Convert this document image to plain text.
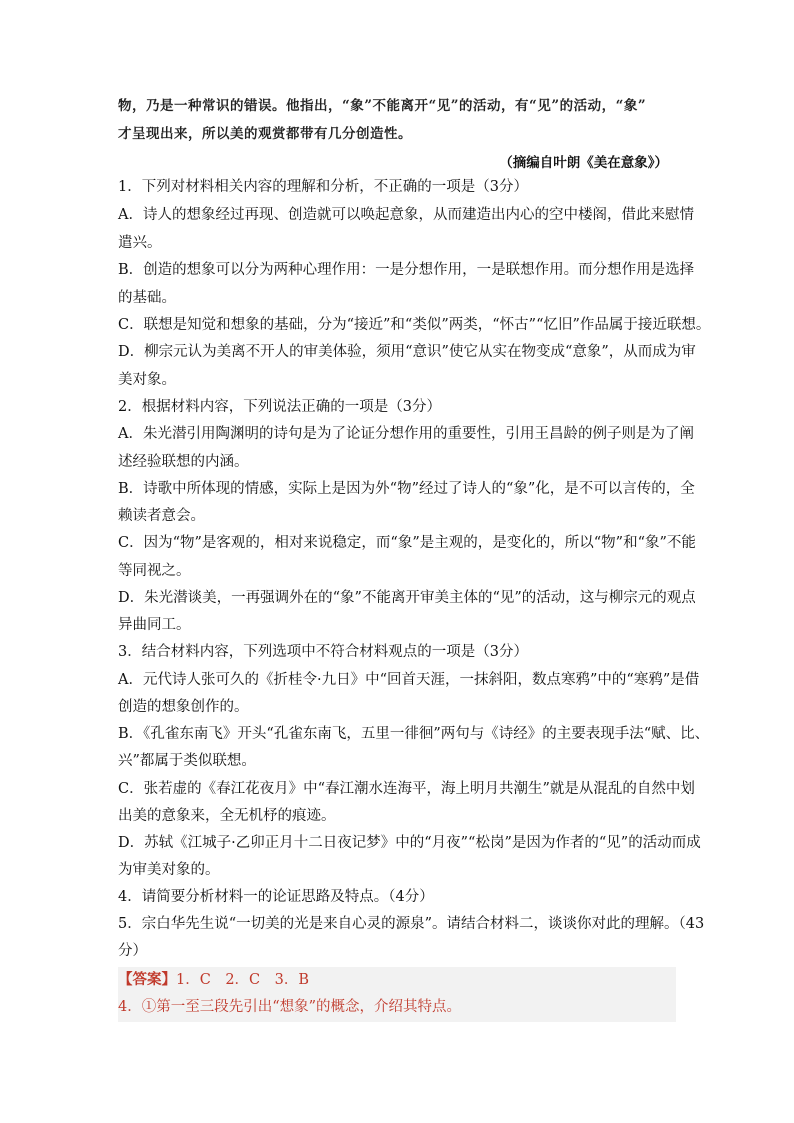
物，乃是一种常识的错误。他指出，“象”不能离开“见”的活动，有“见”的活动，“象”
才呈现出来，所以美的观赏都带有几分创造性。
（摘编自叶朗《美在意象》）
1．下列对材料相关内容的理解和分析，不正确的一项是（3分）
A．诗人的想象经过再现、创造就可以唤起意象，从而建造出内心的空中楼阁，借此来慰情
遣兴。
B．创造的想象可以分为两种心理作用：一是分想作用，一是联想作用。而分想作用是选择
的基础。
C．联想是知觉和想象的基础，分为“接近”和“类似”两类，“怀古”“忆旧”作品属于接近联想。
D．柳宗元认为美离不开人的审美体验，须用“意识”使它从实在物变成“意象”，从而成为审
美对象。
2．根据材料内容，下列说法正确的一项是（3分）
A．朱光潜引用陶渊明的诗句是为了论证分想作用的重要性，引用王昌龄的例子则是为了阐
述经验联想的内涵。
B．诗歌中所体现的情感，实际上是因为外“物”经过了诗人的“象”化，是不可以言传的，全
赖读者意会。
C．因为“物”是客观的，相对来说稳定，而“象”是主观的，是变化的，所以“物”和“象”不能
等同视之。
D．朱光潜谈美，一再强调外在的“象”不能离开审美主体的“见”的活动，这与柳宗元的观点
异曲同工。
3．结合材料内容，下列选项中不符合材料观点的一项是（3分）
A．元代诗人张可久的《折桂令·九日》中“回首天涯，一抹斜阳，数点寒鸦”中的“寒鸦”是借
创造的想象创作的。
B．《孔雀东南飞》开头“孔雀东南飞，五里一徘徊”两句与《诗经》的主要表现手法“赋、比、
兴”都属于类似联想。
C．张若虚的《春江花夜月》中“春江潮水连海平，海上明月共潮生”就是从混乱的自然中划
出美的意象来，全无机杼的痕迹。
D．苏轼《江城子·乙卯正月十二日夜记梦》中的“月夜”“松岗”是因为作者的“见”的活动而成
为审美对象的。
4．请简要分析材料一的论证思路及特点。（4分）
5．宗白华先生说“一切美的光是来自心灵的源泉”。请结合材料二，谈谈你对此的理解。（43
分）
【答案】1．C　2．C　3．B
4．①第一至三段先引出“想象”的概念，介绍其特点。
